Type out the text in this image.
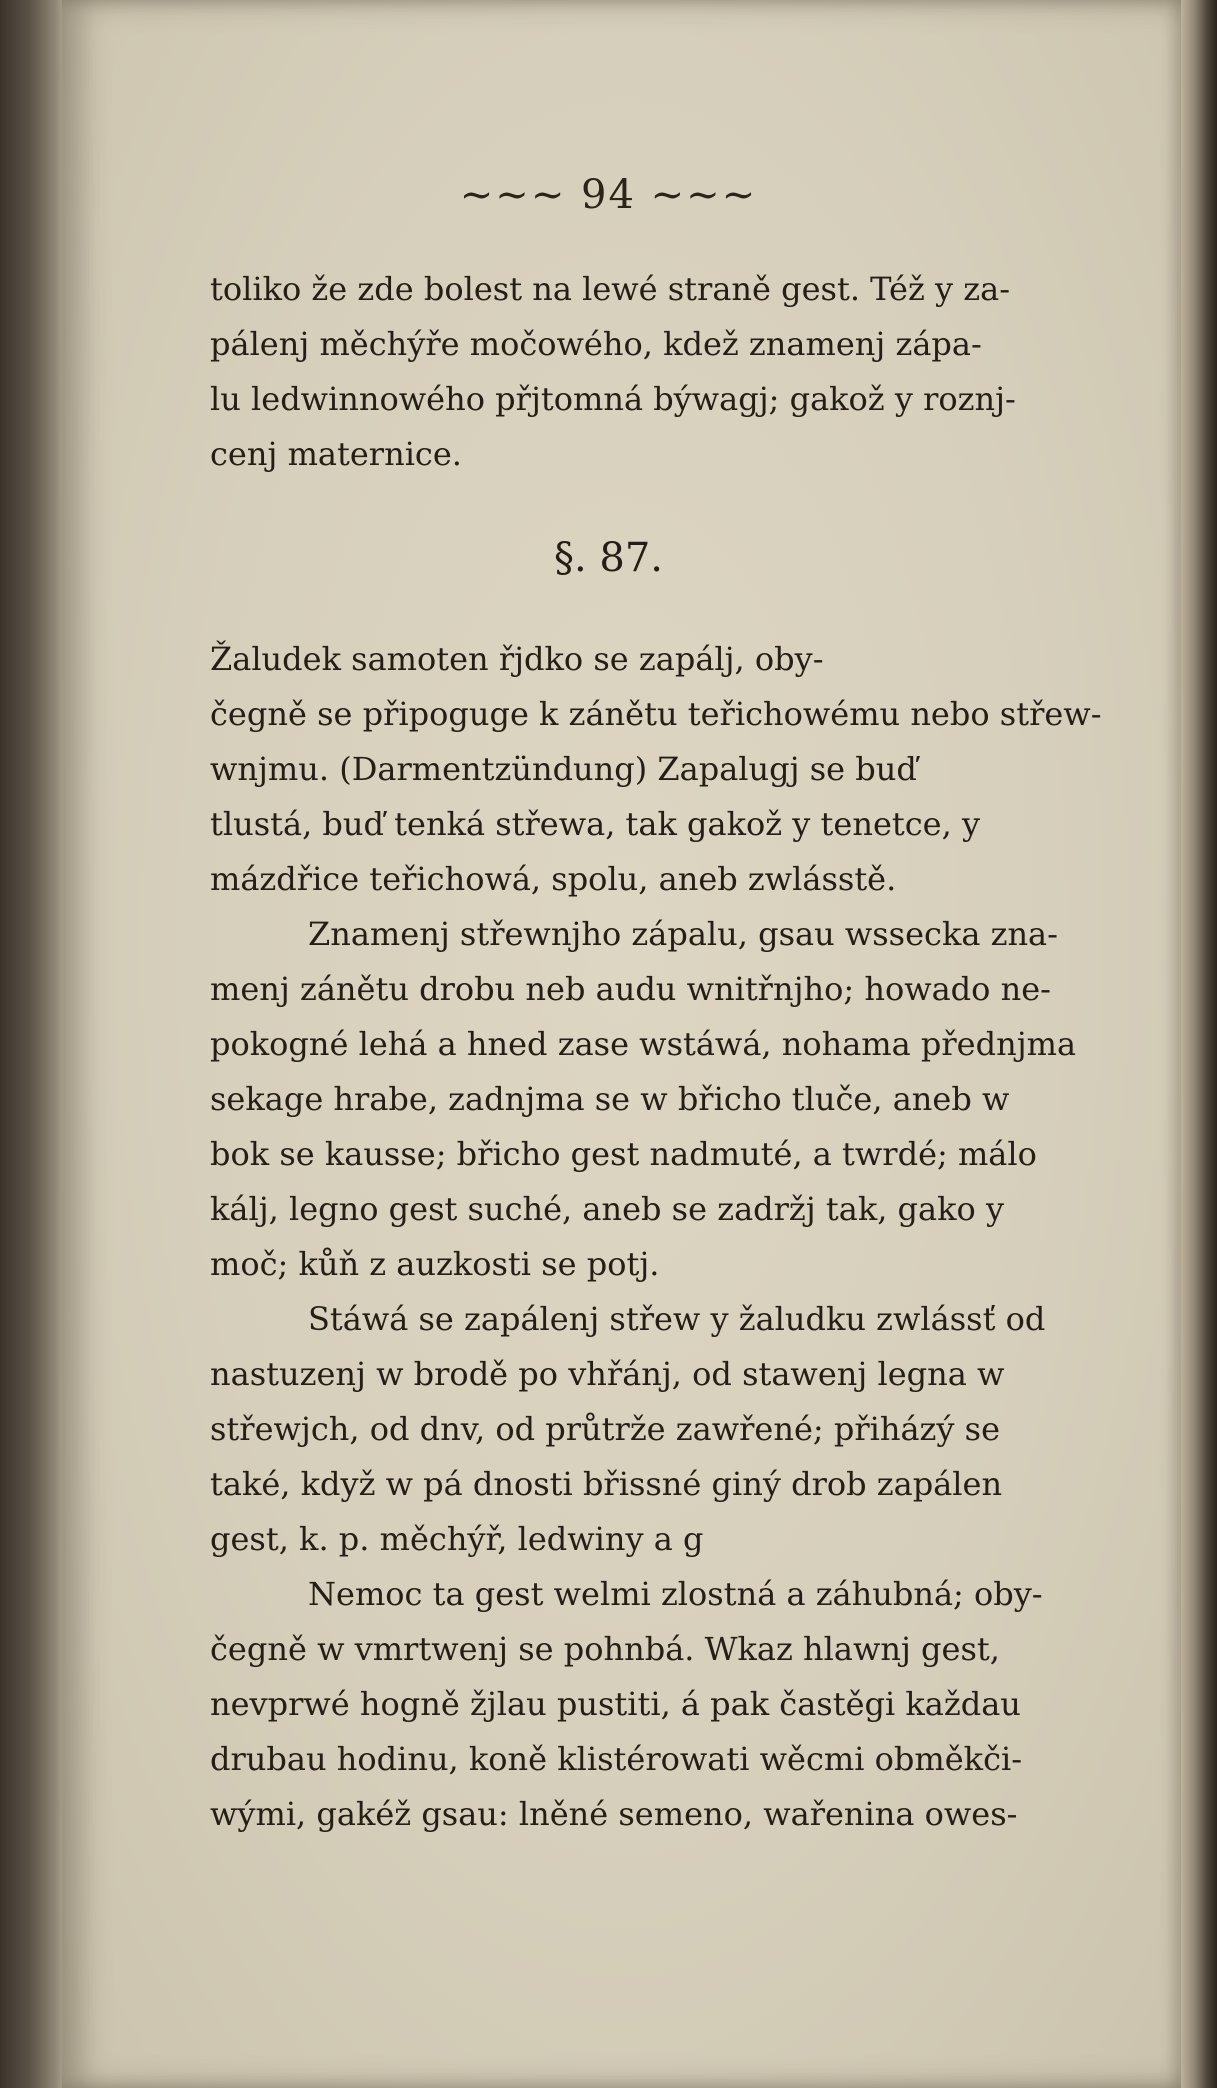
~~~ 94 ~~~
toliko že zde bolest na lewé straně gest. Též y za-
pálenj měchýře močowého, kdež znamenj zápa-
lu ledwinnowého přjtomná býwagj; gakož y roznj-
cenj maternice.
§. 87.
Žaludek samoten řjdko se zapálj, oby-
čegně se připoguge k zánětu teřichowému nebo střew-
wnjmu. (Darmentzündung) Zapalugj se buď
tlustá, buď tenká střewa, tak gakož y tenetce, y
mázdřice teřichowá, spolu, aneb zwlásstě.
Znamenj střewnjho zápalu, gsau wssecka zna-
menj zánětu drobu neb audu wnitřnjho; howado ne-
pokogné lehá a hned zase wstáwá, nohama přednjma
sekage hrabe, zadnjma se w břicho tluče, aneb w
bok se kausse; břicho gest nadmuté, a twrdé; málo
kálj, legno gest suché, aneb se zadržj tak, gako y
moč; kůň z auzkosti se potj.
Stáwá se zapálenj střew y žaludku zwlássť od
nastuzenj w brodě po vhřánj, od stawenj legna w
střewjch, od dnv, od průtrže zawřené; přiházý se
také, když w pá dnosti břissné giný drob zapálen
gest, k. p. měchýř, ledwiny a g
Nemoc ta gest welmi zlostná a záhubná; oby-
čegně w vmrtwenj se pohnbá. Wkaz hlawnj gest,
nevprwé hogně žjlau pustiti, á pak častěgi každau
drubau hodinu, koně klistérowati wěcmi obměkči-
wými, gakéž gsau: lněné semeno, wařenina owes-
